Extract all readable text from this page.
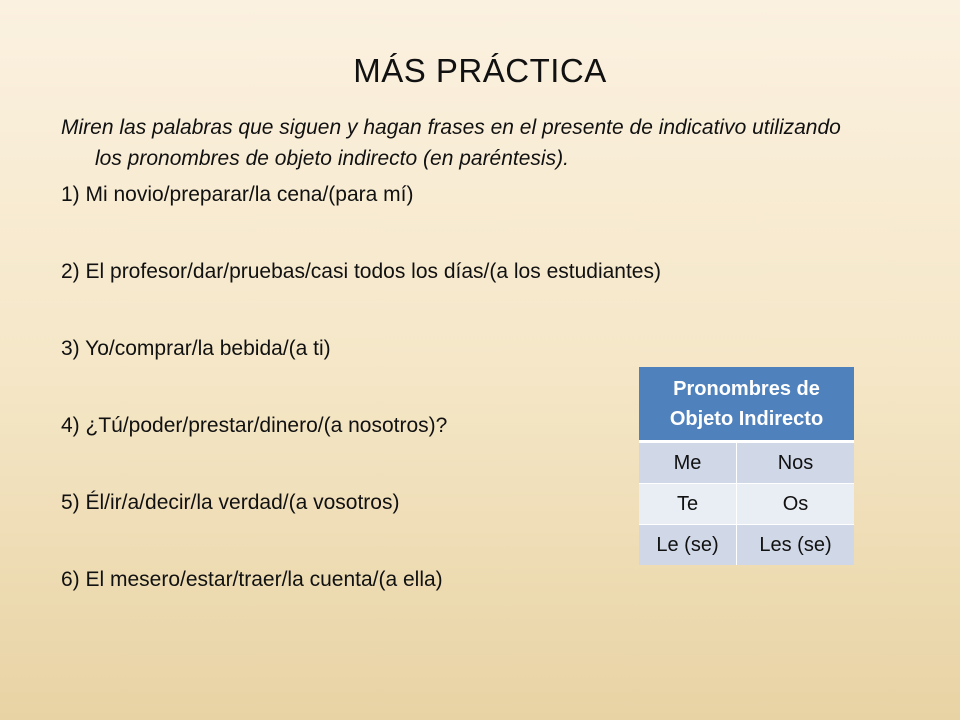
MÁS PRÁCTICA
Miren las palabras que siguen y hagan frases en el presente de indicativo utilizando los pronombres de objeto indirecto (en paréntesis).
1) Mi novio/preparar/la cena/(para mí)
2) El profesor/dar/pruebas/casi todos los días/(a los estudiantes)
3) Yo/comprar/la bebida/(a ti)
4) ¿Tú/poder/prestar/dinero/(a nosotros)?
5) Él/ir/a/decir/la verdad/(a vosotros)
6) El mesero/estar/traer/la cuenta/(a ella)
Pronombres de Objeto Indirecto	
Me	Nos
Te	Os
Le (se)	Les (se)
